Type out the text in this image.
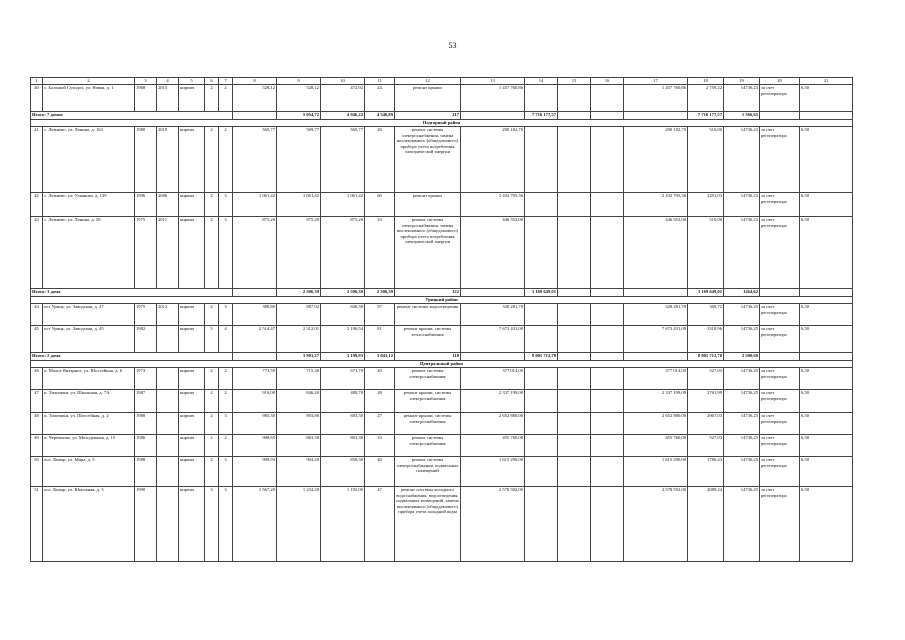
53
1	2	3	4	5	6	7	8	9	10	11	12	13	14	15	16	17	18	19	20	21	
40	с. Большой Суходол, ул. Новая, д. 1	1968	2015	кирпич	2	2	528,12	528,12	472,92	24	ремонт крыши	1 457 760,86				1 457 760,86	2 759,22	14736,23	за счет регоператора	6,50	
Итого: 7 домов								5 054,72	4 946,22	4 546,89	217		7 716 177,57				7 716 177,57	1 566,65			
Подгорный район																					
41	с. Лежнево, ул. Ленина, д. 163	1980	2019	кирпич	2	2	569,77	569,77	569,77	26	ремонт системы электроснабжения, замена коллективного (общедомового) прибора учета потребления электрической энергии	290 182,70				290 182,70	510,00	14736,23	за счет регоператора	6,50	
42	с. Лежнево, ул. Ульянова, д. 139	1996	2006	кирпич	2	3	1 061,42	1 061,42	1 061,42	60	ремонт крыши	2 432 795,36				2 432 795,36	2291,03	14736,23	за счет регоператора	6,50	
43	с. Лежнево, ул. Ленина, д. 59	1975	2011	кирпич	2	3	875,20	875,20	875,20	23	ремонт системы электроснабжения, замена коллективного (общедомового) прибора учета потребления электрической энергии	446 352,00				446 352,00	510,00	14736,23	за счет регоператора	6,50	
Итого: 3 дома								2 506,39	2 506,39	2 506,39	122		3 169 649,01				3 169 649,01	1264,62			
Урицкий район																					
44	пгт Урицк, ул. Заводская, д. 27	1975	2012	кирпич	2	3	388,80	887,92	846,58	37	ремонт системы водоотведения	328 281,78				328 281,78	369,72	14736,25	за счет регоператора	6,50	
45	пгт Урицк, ул. Заводская, д. 45	1982		кирпич	5	4	2 514,47	2 312,01	2 196,54	81	ремонт крыши, системы теплоснабжения	7 673 431,00				7 673 431,00	3318,96	14736,25	за счет регоператора	6,50	
Итого: 2 дома								3 903,27	3 199,93	3 043,12	118		8 001 712,78				8 001 712,78	2 500,69			
Центральный район																					
46	п. Малое Янтарное, ул. Шоссейная, д. 6	1973		кирпич	2	2	773,59	715,30	671,70	20	ремонт системы электроснабжения	377 014,00				377 014,00	527,03	14736,25	за счет регоператора	6,50	
47	п. Тиличики, ул. Школьная, д. 7А	1987		кирпич	2	2	916,00	846,20	480,70	28	ремонт крыши, системы электроснабжения	2 337 199,00				2 337 199,00	2761,99	14736,25	за счет регоператора	6,50	
48	п. Тиличики, ул. Шоссейная, д. 2	1988		кирпич	2	3	985,30	893,80	683,30	27	ремонт крыши, системы электроснабжения	2 652 880,00				2 652 880,00	2967,03	14736,25	за счет регоператора	6,50	
49	п. Черемхово, ул. Молодежная, д. 15	1986		кирпич	2	2	908,63	863,30	863,30	33	ремонт системы электроснабжения	455 760,00				455 760,00	527,03	14736,25	за счет регоператора	6,50	
50	пос. Комар, ул. Мира, д. 5	1988		кирпич	2	3	908,93	904,20	858,30	40	ремонт системы электроснабжения, подвальных помещений	1 615 290,00				1 615 290,00	1786,43	14736,25	за счет регоператора	6,50	
51	пос. Комар, ул. Школьная, д. 3	1990		кирпич	3	3	1 567,20	1 234,20	1 192,00	47	ремонт системы холодного водоснабжения, водоотведения, подвальных помещений, замена коллективного (общедомового) прибора учета холодной воды	2 578 592,00				2 578 592,00	2089,24	14736,25	за счет регоператора	6,50	
